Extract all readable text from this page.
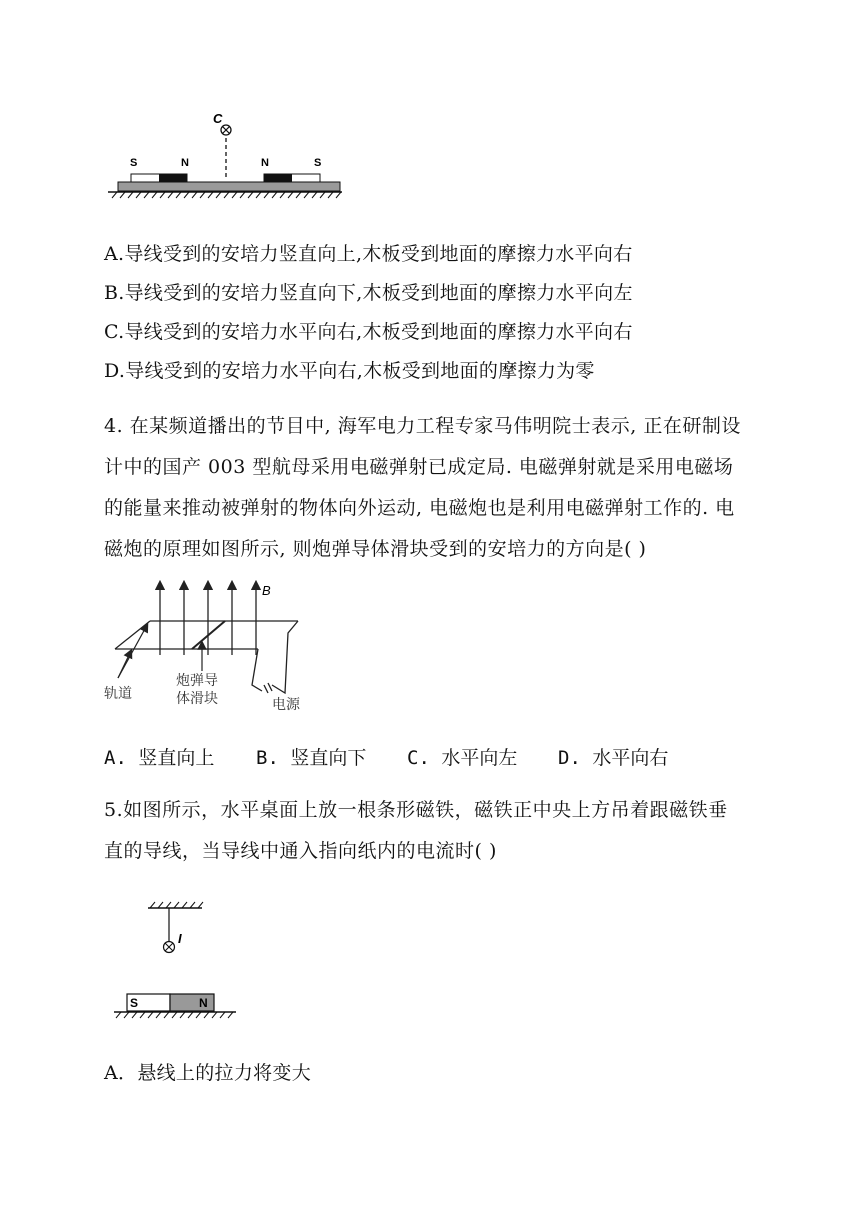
C
S	N	N	S
A.导线受到的安培力竖直向上,木板受到地面的摩擦力水平向右
B.导线受到的安培力竖直向下,木板受到地面的摩擦力水平向左
C.导线受到的安培力水平向右,木板受到地面的摩擦力水平向右
D.导线受到的安培力水平向右,木板受到地面的摩擦力为零
4. 在某频道播出的节目中, 海军电力工程专家马伟明院士表示, 正在研制设
计中的国产 003 型航母采用电磁弹射已成定局. 电磁弹射就是采用电磁场
的能量来推动被弹射的物体向外运动, 电磁炮也是利用电磁弹射工作的. 电
磁炮的原理如图所示, 则炮弹导体滑块受到的安培力的方向是( )
B
轨道
炮弹导
体滑块	电源
A. 竖直向上 B. 竖直向下 C. 水平向左 D. 水平向右
5.如图所示，水平桌面上放一根条形磁铁，磁铁正中央上方吊着跟磁铁垂
直的导线，当导线中通入指向纸内的电流时( )
I
S	N
A．悬线上的拉力将变大
